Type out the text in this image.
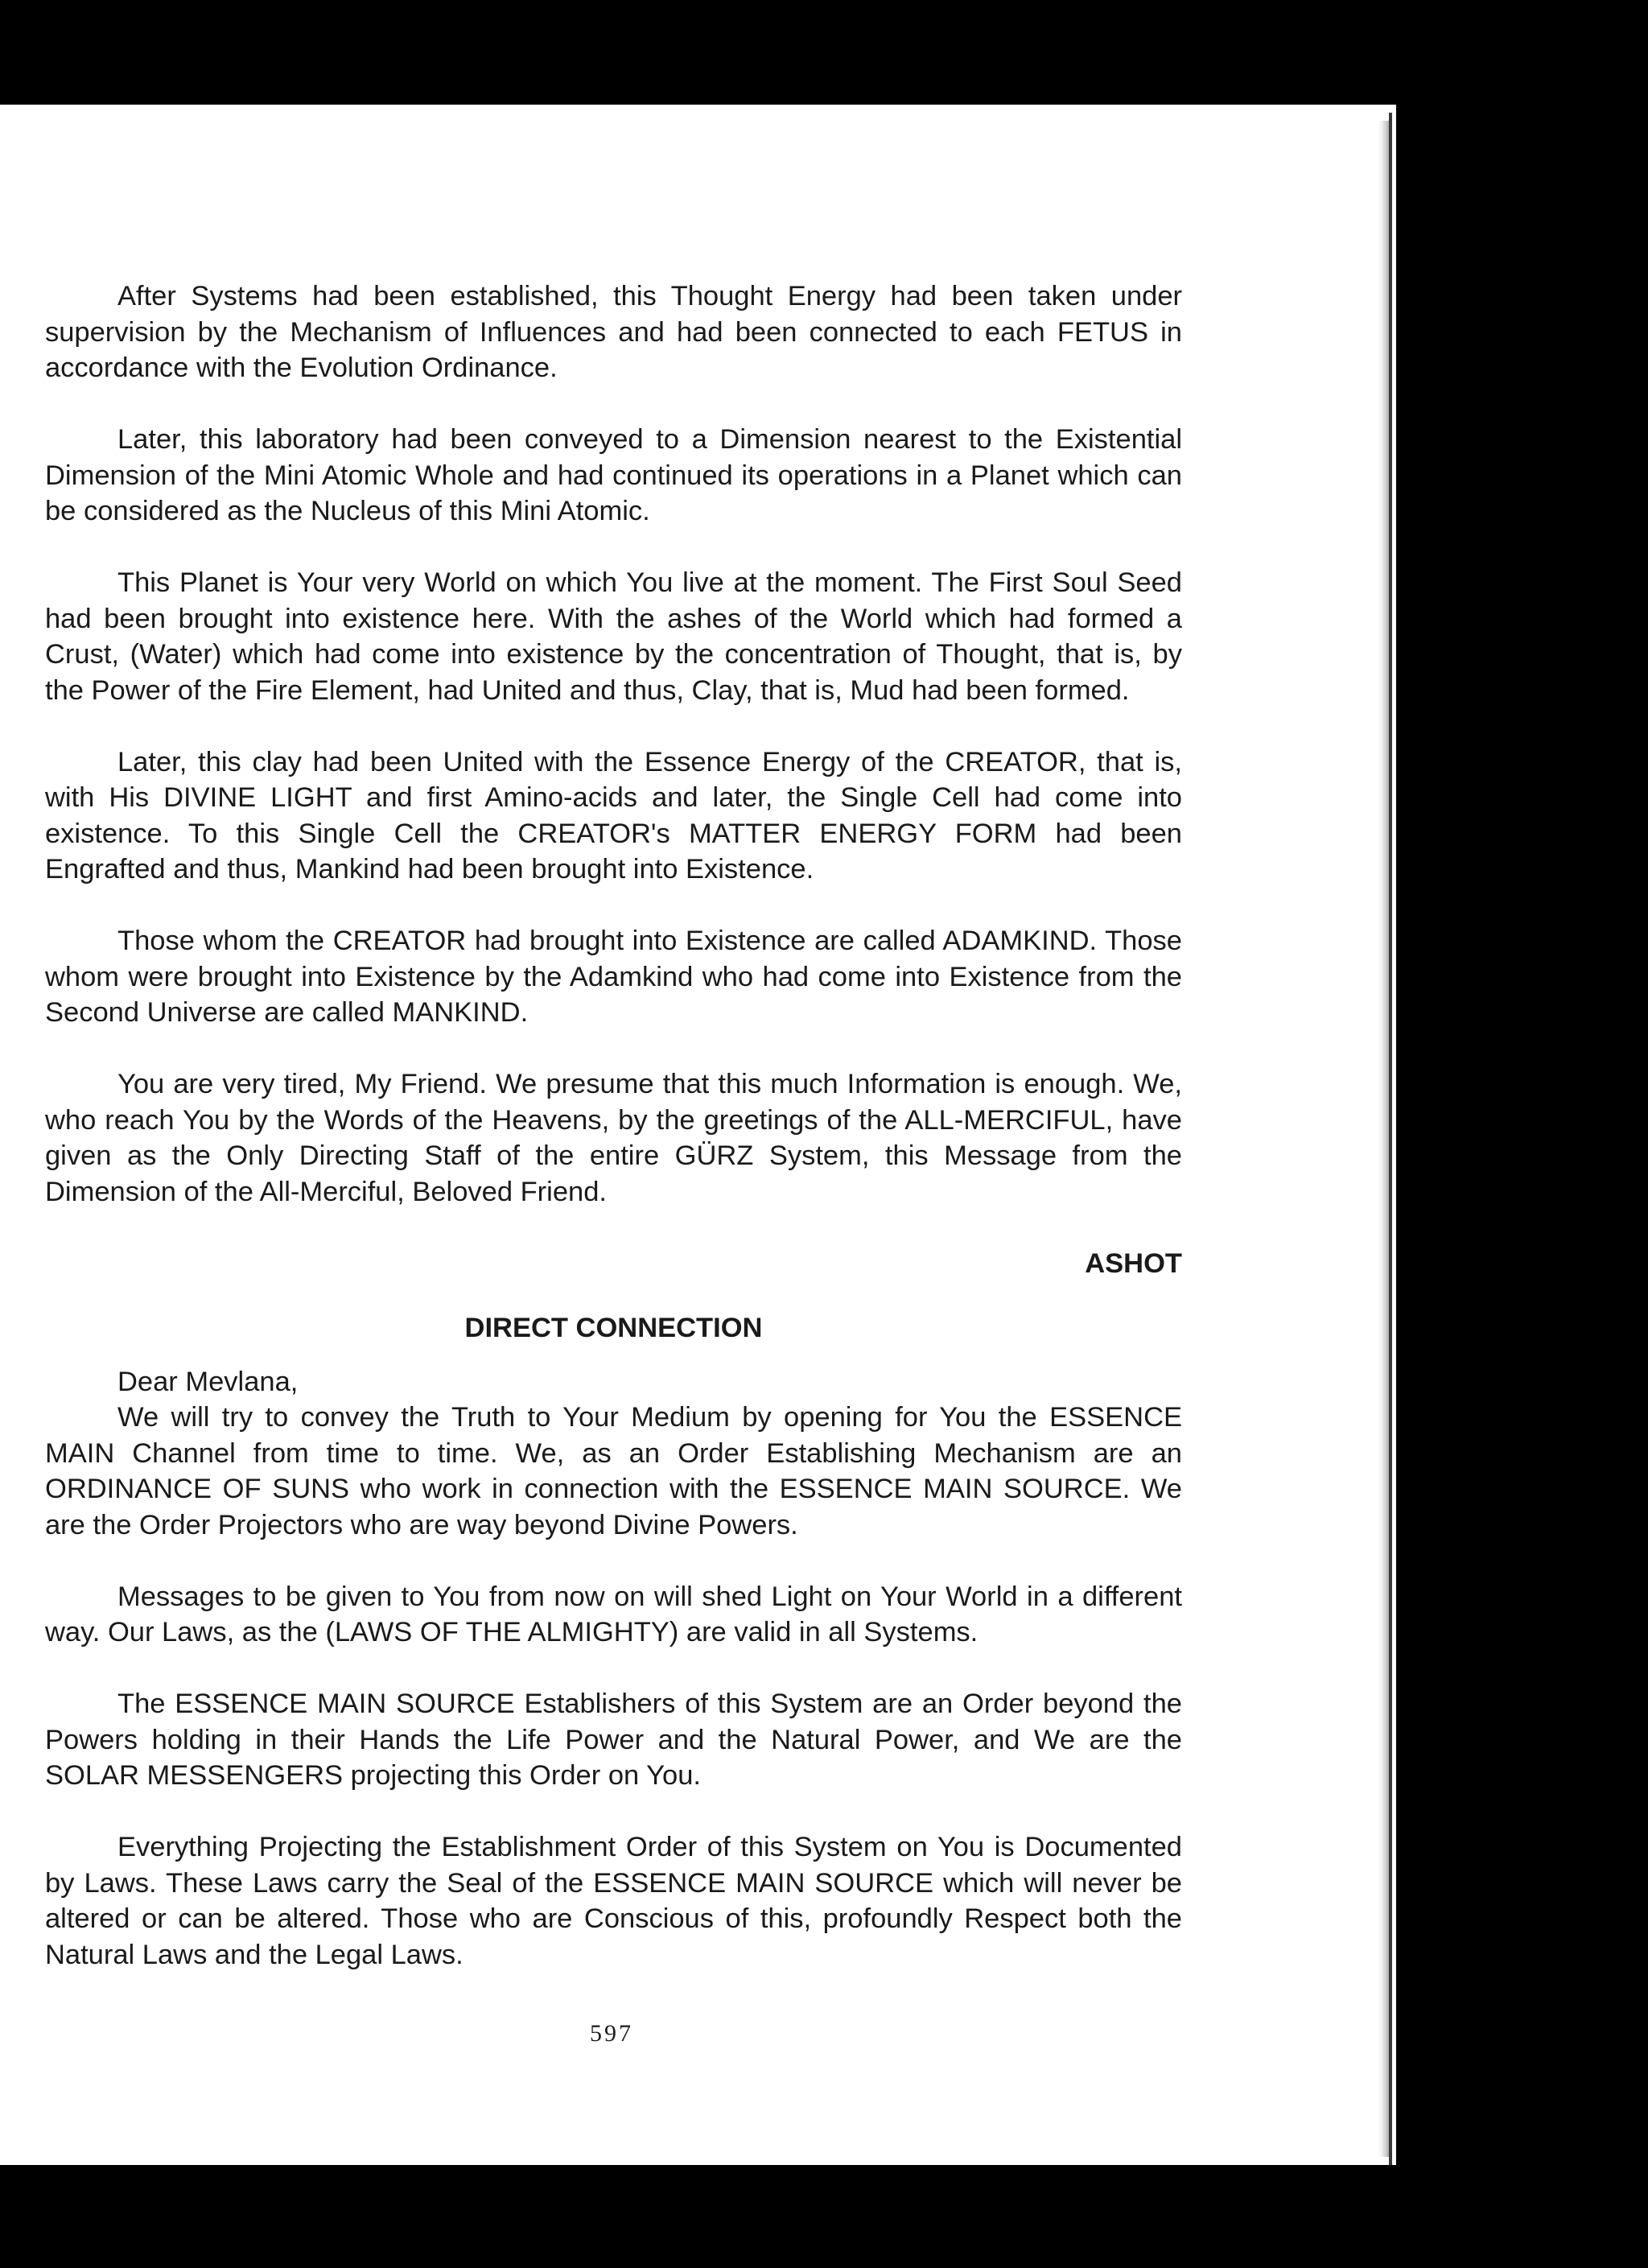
After Systems had been established, this Thought Energy had been taken under supervision by the Mechanism of Influences and had been connected to each FETUS in accordance with the Evolution Ordinance.

Later, this laboratory had been conveyed to a Dimension nearest to the Existential Dimension of the Mini Atomic Whole and had continued its operations in a Planet which can be considered as the Nucleus of this Mini Atomic.

This Planet is Your very World on which You live at the moment. The First Soul Seed had been brought into existence here. With the ashes of the World which had formed a Crust, (Water) which had come into existence by the concentration of Thought, that is, by the Power of the Fire Element, had United and thus, Clay, that is, Mud had been formed.

Later, this clay had been United with the Essence Energy of the CREATOR, that is, with His DIVINE LIGHT and first Amino-acids and later, the Single Cell had come into existence. To this Single Cell the CREATOR's MATTER ENERGY FORM had been Engrafted and thus, Mankind had been brought into Existence.

Those whom the CREATOR had brought into Existence are called ADAMKIND. Those whom were brought into Existence by the Adamkind who had come into Existence from the Second Universe are called MANKIND.

You are very tired, My Friend. We presume that this much Information is enough. We, who reach You by the Words of the Heavens, by the greetings of the ALL-MERCIFUL, have given as the Only Directing Staff of the entire GÜRZ System, this Message from the Dimension of the All-Merciful, Beloved Friend.

ASHOT

DIRECT CONNECTION

Dear Mevlana,

We will try to convey the Truth to Your Medium by opening for You the ESSENCE MAIN Channel from time to time. We, as an Order Establishing Mechanism are an ORDINANCE OF SUNS who work in connection with the ESSENCE MAIN SOURCE. We are the Order Projectors who are way beyond Divine Powers.

Messages to be given to You from now on will shed Light on Your World in a different way. Our Laws, as the (LAWS OF THE ALMIGHTY) are valid in all Systems.

The ESSENCE MAIN SOURCE Establishers of this System are an Order beyond the Powers holding in their Hands the Life Power and the Natural Power, and We are the SOLAR MESSENGERS projecting this Order on You.

Everything Projecting the Establishment Order of this System on You is Documented by Laws. These Laws carry the Seal of the ESSENCE MAIN SOURCE which will never be altered or can be altered. Those who are Conscious of this, profoundly Respect both the Natural Laws and the Legal Laws.

597
